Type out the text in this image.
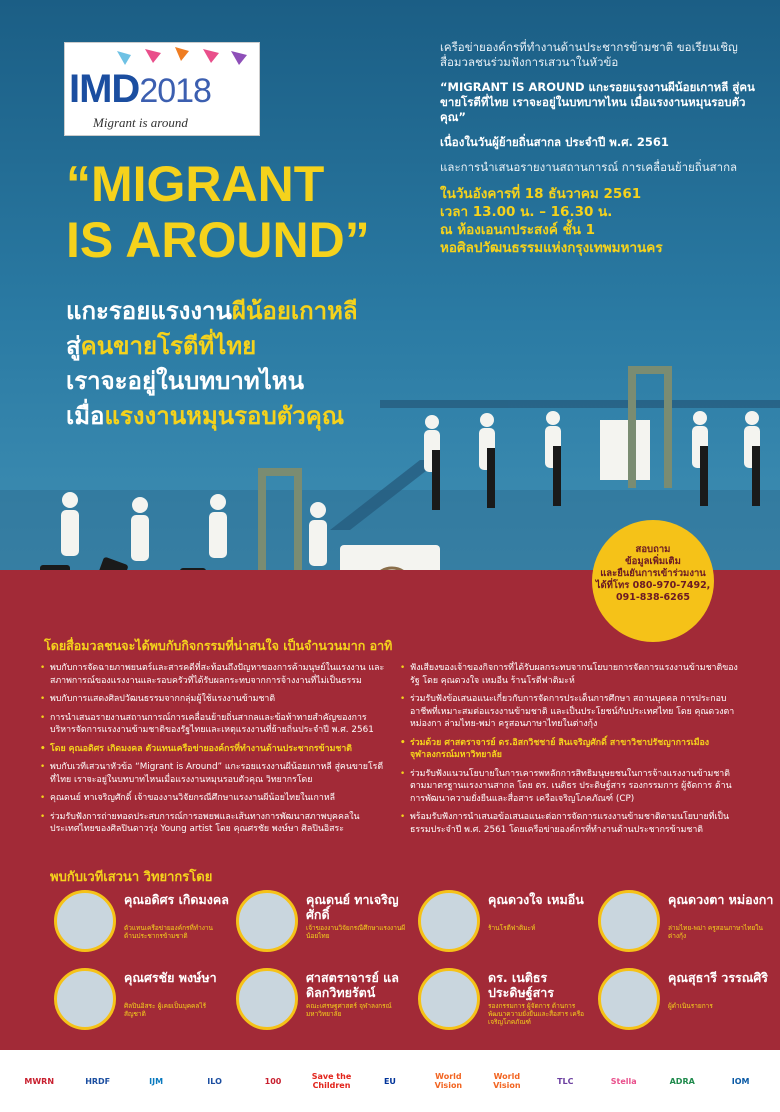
IMD2018
Migrant is around
“MIGRANT
IS AROUND”
เครือข่ายองค์กรที่ทำงานด้านประชากรข้ามชาติ ขอเรียนเชิญสื่อมวลชนร่วมฟังการเสวนาในหัวข้อ
“MIGRANT IS AROUND แกะรอยแรงงานผีน้อยเกาหลี สู่คนขายโรตีที่ไทย เราจะอยู่ในบทบาทไหน เมื่อแรงงานหมุนรอบตัวคุณ”
เนื่องในวันผู้ย้ายถิ่นสากล ประจำปี พ.ศ. 2561
และการนำเสนอรายงานสถานการณ์ การเคลื่อนย้ายถิ่นสากล
ในวันอังคารที่ 18 ธันวาคม 2561
เวลา 13.00 น. – 16.30 น.
ณ ห้องเอนกประสงค์ ชั้น 1
หอศิลปวัฒนธรรมแห่งกรุงเทพมหานคร
แกะรอยแรงงานผีน้อยเกาหลี
สู่คนขายโรตีที่ไทย
เราจะอยู่ในบทบาทไหน
เมื่อแรงงานหมุนรอบตัวคุณ
สอบถาม
ข้อมูลเพิ่มเติม
และยืนยันการเข้าร่วมงาน
ได้ที่โทร 080-970-7492,
091-838-6265
โดยสื่อมวลชนจะได้พบกับกิจกรรมที่น่าสนใจ เป็นจำนวนมาก อาทิ
• พบกับการจัดฉายภาพยนตร์และสารคดีที่สะท้อนถึงปัญหาของการค้ามนุษย์ในแรงงาน และสภาพการณ์ของแรงงานและรอบครัวที่ได้รับผลกระทบจากการจ้างงานที่ไม่เป็นธรรม
• พบกับการแสดงศิลปวัฒนธรรมจากกลุ่มผู้ใช้แรงงานข้ามชาติ
• การนำเสนอรายงานสถานการณ์การเคลื่อนย้ายถิ่นสากลและข้อท้าทายสำคัญของการบริหารจัดการแรงงานข้ามชาติของรัฐไทยและเหตุแรงงานที่ย้ายถิ่นประจำปี พ.ศ. 2561
• โดย คุณอดิศร เกิดมงคล ตัวแทนเครือข่ายองค์กรที่ทำงานด้านประชากรข้ามชาติ
• พบกับเวทีเสวนาหัวข้อ “Migrant is Around” แกะรอยแรงงานผีน้อยเกาหลี สู่คนขายโรตีที่ไทย เราจะอยู่ในบทบาทไหนเมื่อแรงงานหมุนรอบตัวคุณ วิทยากรโดย
• คุณดนย์ ทาเจริญศักดิ์ เจ้าของงานวิจัยกรณีศึกษาแรงงานผีน้อยไทยในเกาหลี
• ร่วมรับฟังการถ่ายทอดประสบการณ์การอพยพและเส้นทางการพัฒนาสภาพบุคคลในประเทศไทยของศิลปินดาวรุ่ง Young artist โดย คุณศรชัย พงษ์ษา ศิลปินอิสระ
• ฟังเสียงของเจ้าของกิจการที่ได้รับผลกระทบจากนโยบายการจัดการแรงงานข้ามชาติของรัฐ โดย คุณดวงใจ เหมอีน ร้านโรตีฟาติมะห์
• ร่วมรับฟังข้อเสนอแนะเกี่ยวกับการจัดการประเด็นการศึกษา สถานบุคคล การประกอบอาชีพที่เหมาะสมต่อแรงงานข้ามชาติ และเป็นประโยชน์กับประเทศไทย โดย คุณดวงตา หม่องกา ล่ามไทย-พม่า ครูสอนภาษาไทยในต่างกุ้ง
• ร่วมด้วย ศาสตราจารย์ ดร.อิสกวิชชาย์ สินเจริญศักดิ์ สาขาวิชาปรัชญาการเมือง จุฬาลงกรณ์มหาวิทยาลัย
• ร่วมรับฟังแนวนโยบายในการเคารพหลักการสิทธิมนุษยชนในการจ้างแรงงานข้ามชาติ ตามมาตรฐานแรงงานสากล โดย ดร. เนติธร ประดิษฐ์สาร รองกรรมการ ผู้จัดการ ด้านการพัฒนาความยั่งยืนและสื่อสาร เครือเจริญโภคภัณฑ์ (CP)
• พร้อมรับฟังการนำเสนอข้อเสนอแนะต่อการจัดการแรงงานข้ามชาติตามนโยบายที่เป็นธรรมประจำปี พ.ศ. 2561 โดยเครือข่ายองค์กรที่ทำงานด้านประชากรข้ามชาติ
พบกับเวทีเสวนา วิทยากรโดย
คุณอดิศร เกิดมงคล
ตัวแทนเครือข่ายองค์กรที่ทำงานด้านประชากรข้ามชาติ
คุณดนย์ ทาเจริญศักดิ์
เจ้าของงานวิจัยกรณีศึกษาแรงงานผีน้อยไทย
คุณดวงใจ เหมอีน
ร้านโรตีฟาติมะห์
คุณดวงตา หม่องกา
ล่ามไทย-พม่า ครูสอนภาษาไทยในต่างกุ้ง
คุณศรชัย พงษ์ษา
ศิลปินอิสระ ผู้เคยเป็นบุคคลไร้สัญชาติ
ศาสตราจารย์ แล ดิลกวิทยรัตน์
คณะเศรษฐศาสตร์ จุฬาลงกรณ์มหาวิทยาลัย
ดร. เนติธร ประดิษฐ์สาร
รองกรรมการ ผู้จัดการ ด้านการพัฒนาความยั่งยืนและสื่อสาร เครือเจริญโภคภัณฑ์
คุณสุธารี วรรณศิริ
ผู้ดำเนินรายการ
MWRN	HRDF	IJM	ILO	100	Save the Children	EU	World Vision
World Vision	TLC	Stella	ADRA	IOM
